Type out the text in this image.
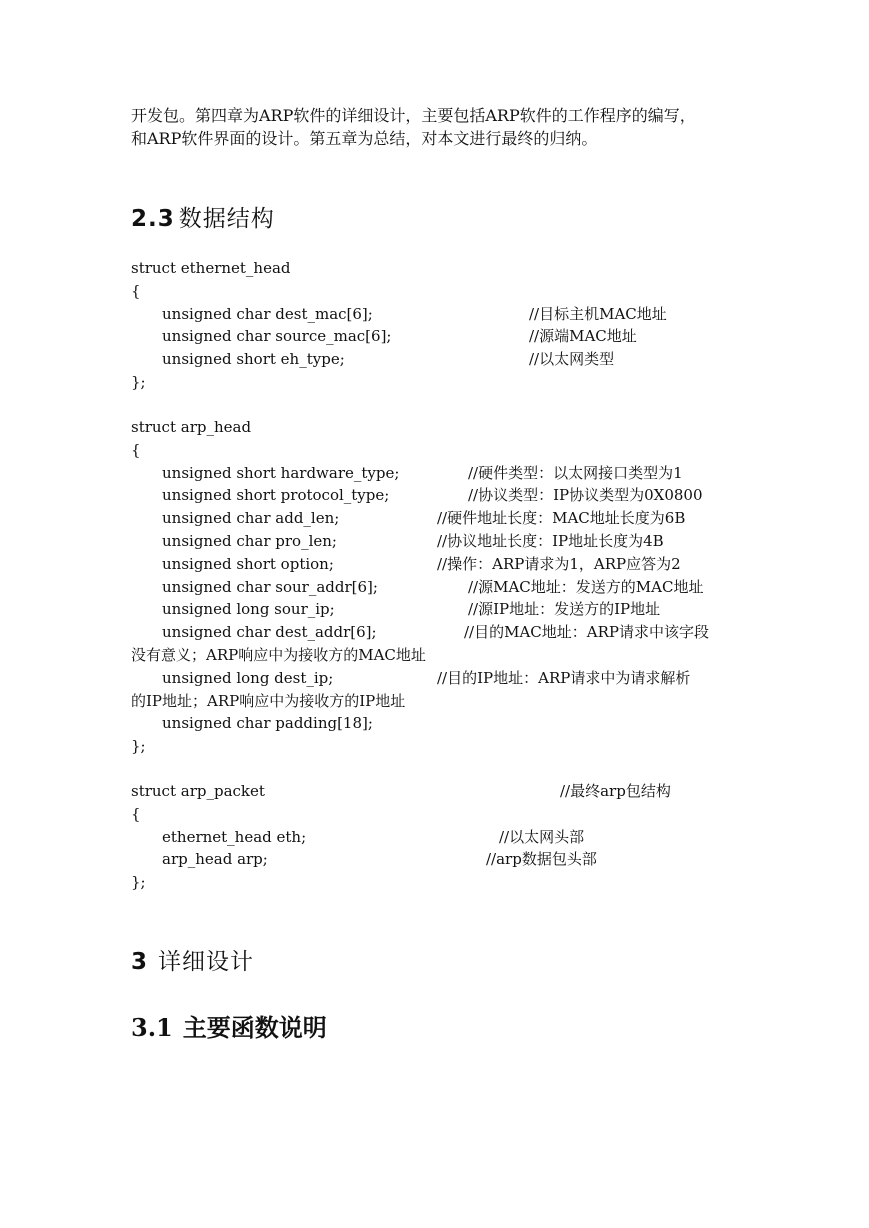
开发包。第四章为ARP软件的详细设计，主要包括ARP软件的工作程序的编写，
和ARP软件界面的设计。第五章为总结，对本文进行最终的归纳。

2.3 数据结构
struct ethernet_head
{
unsigned char dest_mac[6];	//目标主机MAC地址
unsigned char source_mac[6];	//源端MAC地址
unsigned short eh_type;	//以太网类型
};
struct arp_head
{
unsigned short hardware_type;	//硬件类型：以太网接口类型为1
unsigned short protocol_type;	//协议类型：IP协议类型为0X0800
unsigned char add_len;	//硬件地址长度：MAC地址长度为6B
unsigned char pro_len;	//协议地址长度：IP地址长度为4B
unsigned short option;	//操作：ARP请求为1，ARP应答为2
unsigned char sour_addr[6];	//源MAC地址：发送方的MAC地址
unsigned long sour_ip;	//源IP地址：发送方的IP地址
unsigned char dest_addr[6];	//目的MAC地址：ARP请求中该字段
没有意义；ARP响应中为接收方的MAC地址
unsigned long dest_ip;	//目的IP地址：ARP请求中为请求解析
的IP地址；ARP响应中为接收方的IP地址
unsigned char padding[18];
};
struct arp_packet	//最终arp包结构
{
ethernet_head eth;	//以太网头部
arp_head arp;	//arp数据包头部
};
3 详细设计
3.1 主要函数说明
